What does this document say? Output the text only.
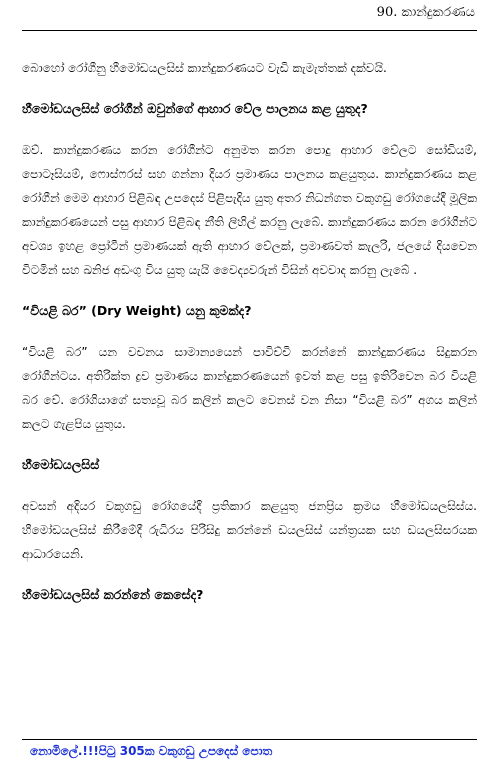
90. කාන්දුකරණය

බොහෝ රෝගීනු හීමෝඩයලසිස් කාන්දුකරණයට වැඩි කැමැත්තක් දක්වයි.

හීමෝඩයලසිස් රෝගීන් ඔවුන්ගේ ආහාර වේල පාලනය කළ යුතුද?

ඔව්. කාන්දුකරණය කරන රෝගීන්ට අනුමත කරන පොදු ආහාර වේලට සෝඩියම්, පොටෑසියම්, ෆොස්ෆරස් සහ ගන්නා දියර ප්‍රමාණය පාලනය කළයුතුය. කාන්දුකරණය කළ රෝගීන් මෙම ආහාර පිළිබඳ උපදෙස් පිළිපැදිය යුතු අතර නිධන්ගත වකුගඩු රෝගයේදී මූලික කාන්දුකරණයෙන් පසු ආහාර පිළිබඳ නීති ලිහිල් කරනු ලැබේ. කාන්දුකරණය කරන රෝගීන්ට අවශ්‍ය ඉහළ ප්‍රෝටීන් ප්‍රමාණයක් ඇති ආහාර වේලක්, ප්‍රමාණවත් කැලරි, ජලයේ දියවෙන විටමින් සහ ඛනිජ අඩංගු විය යුතු යැයි වෛද්‍යවරුන් විසින් අවවාද කරනු ලැබේ .

“වියළි බර” (Dry Weight) යනු කුමක්ද?

“වියළි බර” යන වචනය සාමාන්‍යයෙන් පාවිච්චි කරන්නේ කාන්දුකරණය සිදුකරන රෝගීන්ටය. අතිරික්ත ද්‍රව ප්‍රමාණය කාන්දුකරණයෙන් ඉවත් කළ පසු ඉතිරිවෙන බර වියළි බර වේ. රෝගියාගේ සත්‍යවූ බර කලින් කලට වෙනස් වන නිසා “වියළි බර” අගය කලින් කලට ගැළපිය යුතුය.

හීමෝඩයලසිස්

අවසන් අදියර වකුගඩු රෝගයේදී ප්‍රතිකාර කළයුතු ජනප්‍රිය ක්‍රමය හීමෝඩයලසිස්ය. හීමෝඩයලසිස් කිරීමේදී රුධිරය පිරිසිදු කරන්නේ ඩයලසිස් යන්ත්‍රයක සහ ඩයලසිසරයක ආධාරයෙනි.

හීමෝඩයලසිස් කරන්නේ කෙසේද?
නොමිලේ.!!!පිටු 305ක වකුගඩු උපදෙස් පොත
